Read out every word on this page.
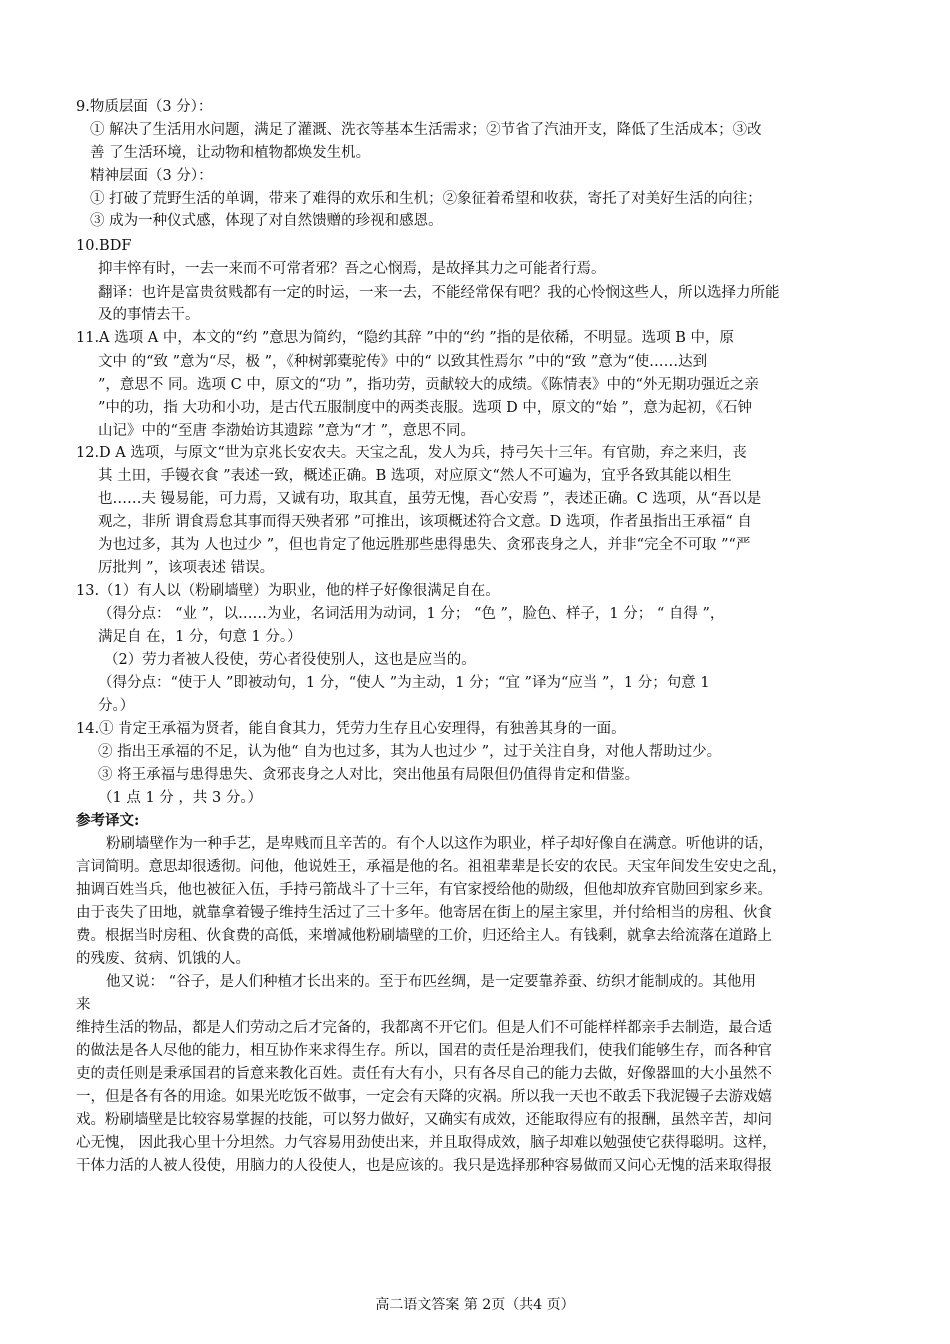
9.物质层面（3 分）：
① 解决了生活用水问题，满足了灌溉、洗衣等基本生活需求；②节省了汽油开支，降低了生活成本；③改
善 了生活环境，让动物和植物都焕发生机。
精神层面（3 分）：
① 打破了荒野生活的单调，带来了难得的欢乐和生机；②象征着希望和收获，寄托了对美好生活的向往；
③ 成为一种仪式感，体现了对自然馈赠的珍视和感恩。
10.BDF
抑丰悴有时，一去一来而不可常者邪？吾之心悯焉，是故择其力之可能者行焉。
翻译：也许是富贵贫贱都有一定的时运，一来一去，不能经常保有吧？我的心怜悯这些人，所以选择力所能
及的事情去干。
11.A 选项 A 中，本文的“约 ”意思为简约，“隐约其辞 ”中的“约 ”指的是依稀，不明显。选项 B 中，原
文中 的“致 ”意为“尽，极 ”，《种树郭橐驼传》中的“ 以致其性焉尔 ”中的“致 ”意为“使……达到
”，意思不 同。选项 C 中，原文的“功 ”，指功劳，贡献较大的成绩。《陈情表》中的“外无期功强近之亲
”中的功，指 大功和小功，是古代五服制度中的两类丧服。选项 D 中，原文的“始 ”，意为起初，《石钟
山记》中的“至唐 李渤始访其遗踪 ”意为“才 ”，意思不同。
12.D A 选项，与原文“世为京兆长安农夫。天宝之乱，发人为兵，持弓矢十三年。有官勋，弃之来归，丧
其 土田，手镘衣食 ”表述一致，概述正确。B 选项，对应原文“然人不可遍为，宜乎各致其能以相生
也……夫 镘易能，可力焉，又诚有功，取其直，虽劳无愧，吾心安焉 ”，表述正确。C 选项，从“吾以是
观之，非所 谓食焉怠其事而得天殃者邪 ”可推出，该项概述符合文意。D 选项，作者虽指出王承福“ 自
为也过多，其为 人也过少 ”，但也肯定了他远胜那些患得患失、贪邪丧身之人，并非“完全不可取 ”“严
厉批判 ”，该项表述 错误。
13.（1）有人以（粉刷墙壁）为职业，他的样子好像很满足自在。
（得分点： “业 ”，以……为业，名词活用为动词，1 分； “色 ”，脸色、样子，1 分； “ 自得 ”，
满足自 在，1 分，句意 1 分。）
（2）劳力者被人役使，劳心者役使别人，这也是应当的。
（得分点：“使于人 ”即被动句，1 分，“使人 ”为主动，1 分；“宜 ”译为“应当 ”，1 分；句意 1
分。）
14.① 肯定王承福为贤者，能自食其力，凭劳力生存且心安理得，有独善其身的一面。
② 指出王承福的不足，认为他“ 自为也过多，其为人也过少 ”，过于关注自身，对他人帮助过少。
③ 将王承福与患得患失、贪邪丧身之人对比，突出他虽有局限但仍值得肯定和借鉴。
（1 点 1 分 ，共 3 分。）
参考译文:
粉刷墙壁作为一种手艺，是卑贱而且辛苦的。有个人以这作为职业，样子却好像自在满意。听他讲的话，
言词简明。意思却很透彻。问他，他说姓王，承福是他的名。祖祖辈辈是长安的农民。天宝年间发生安史之乱，
抽调百姓当兵，他也被征入伍，手持弓箭战斗了十三年，有官家授给他的勋级，但他却放弃官勋回到家乡来。
由于丧失了田地，就靠拿着镘子维持生活过了三十多年。他寄居在街上的屋主家里，并付给相当的房租、伙食
费。根据当时房租、伙食费的高低，来增减他粉刷墙壁的工价，归还给主人。有钱剩，就拿去给流落在道路上
的残废、贫病、饥饿的人。
他又说： “谷子，是人们种植才长出来的。至于布匹丝绸，是一定要靠养蚕、纺织才能制成的。其他用
来
维持生活的物品，都是人们劳动之后才完备的，我都离不开它们。但是人们不可能样样都亲手去制造，最合适
的做法是各人尽他的能力，相互协作来求得生存。所以，国君的责任是治理我们，使我们能够生存，而各种官
吏的责任则是秉承国君的旨意来教化百姓。责任有大有小，只有各尽自己的能力去做，好像器皿的大小虽然不
一，但是各有各的用途。如果光吃饭不做事，一定会有天降的灾祸。所以我一天也不敢丢下我泥镘子去游戏嬉
戏。粉刷墙壁是比较容易掌握的技能，可以努力做好，又确实有成效，还能取得应有的报酬，虽然辛苦，却问
心无愧， 因此我心里十分坦然。力气容易用劲使出来，并且取得成效，脑子却难以勉强使它获得聪明。这样，
干体力活的人被人役使，用脑力的人役使人，也是应该的。我只是选择那种容易做而又问心无愧的活来取得报
高二语文答案 第 2页（共4 页）
